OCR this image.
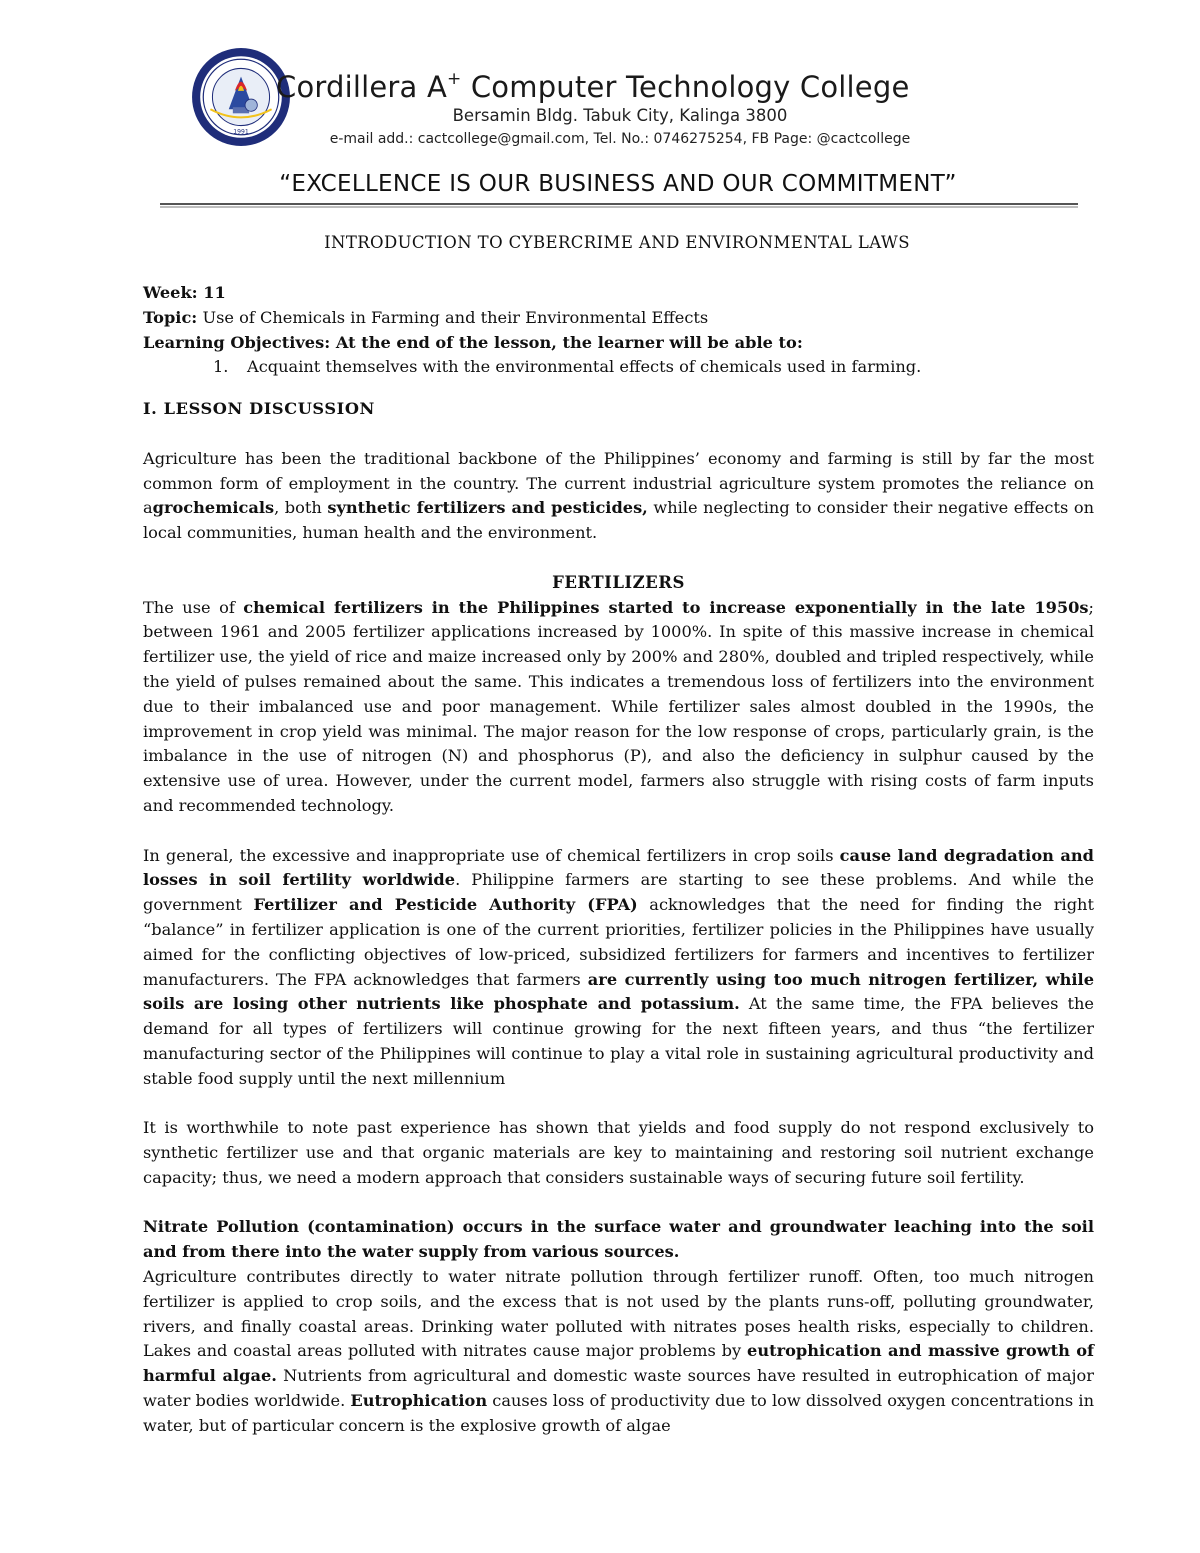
1991
Cordillera A+ Computer Technology College
Bersamin Bldg. Tabuk City, Kalinga 3800
e-mail add.: cactcollege@gmail.com, Tel. No.: 0746275254, FB Page: @cactcollege
“EXCELLENCE IS OUR BUSINESS AND OUR COMMITMENT”
INTRODUCTION TO CYBERCRIME AND ENVIRONMENTAL LAWS

Week: 11

Topic: Use of Chemicals in Farming and their Environmental Effects

Learning Objectives: At the end of the lesson, the learner will be able to:

1. Acquaint themselves with the environmental effects of chemicals used in farming.

I. LESSON DISCUSSION

Agriculture has been the traditional backbone of the Philippines’ economy and farming is still by far the most common form of employment in the country. The current industrial agriculture system promotes the reliance on agrochemicals, both synthetic fertilizers and pesticides, while neglecting to consider their negative effects on local communities, human health and the environment.

FERTILIZERS

The use of chemical fertilizers in the Philippines started to increase exponentially in the late 1950s; between 1961 and 2005 fertilizer applications increased by 1000%. In spite of this massive increase in chemical fertilizer use, the yield of rice and maize increased only by 200% and 280%, doubled and tripled respectively, while the yield of pulses remained about the same. This indicates a tremendous loss of fertilizers into the environment due to their imbalanced use and poor management. While fertilizer sales almost doubled in the 1990s, the improvement in crop yield was minimal. The major reason for the low response of crops, particularly grain, is the imbalance in the use of nitrogen (N) and phosphorus (P), and also the deficiency in sulphur caused by the extensive use of urea. However, under the current model, farmers also struggle with rising costs of farm inputs and recommended technology.

In general, the excessive and inappropriate use of chemical fertilizers in crop soils cause land degradation and losses in soil fertility worldwide. Philippine farmers are starting to see these problems. And while the government Fertilizer and Pesticide Authority (FPA) acknowledges that the need for finding the right “balance” in fertilizer application is one of the current priorities, fertilizer policies in the Philippines have usually aimed for the conflicting objectives of low-priced, subsidized fertilizers for farmers and incentives to fertilizer manufacturers. The FPA acknowledges that farmers are currently using too much nitrogen fertilizer, while soils are losing other nutrients like phosphate and potassium. At the same time, the FPA believes the demand for all types of fertilizers will continue growing for the next fifteen years, and thus “the fertilizer manufacturing sector of the Philippines will continue to play a vital role in sustaining agricultural productivity and stable food supply until the next millennium

It is worthwhile to note past experience has shown that yields and food supply do not respond exclusively to synthetic fertilizer use and that organic materials are key to maintaining and restoring soil nutrient exchange capacity; thus, we need a modern approach that considers sustainable ways of securing future soil fertility.

Nitrate Pollution (contamination) occurs in the surface water and groundwater leaching into the soil and from there into the water supply from various sources.

Agriculture contributes directly to water nitrate pollution through fertilizer runoff. Often, too much nitrogen fertilizer is applied to crop soils, and the excess that is not used by the plants runs-off, polluting groundwater, rivers, and finally coastal areas. Drinking water polluted with nitrates poses health risks, especially to children. Lakes and coastal areas polluted with nitrates cause major problems by eutrophication and massive growth of harmful algae. Nutrients from agricultural and domestic waste sources have resulted in eutrophication of major water bodies worldwide. Eutrophication causes loss of productivity due to low dissolved oxygen concentrations in water, but of particular concern is the explosive growth of algae
